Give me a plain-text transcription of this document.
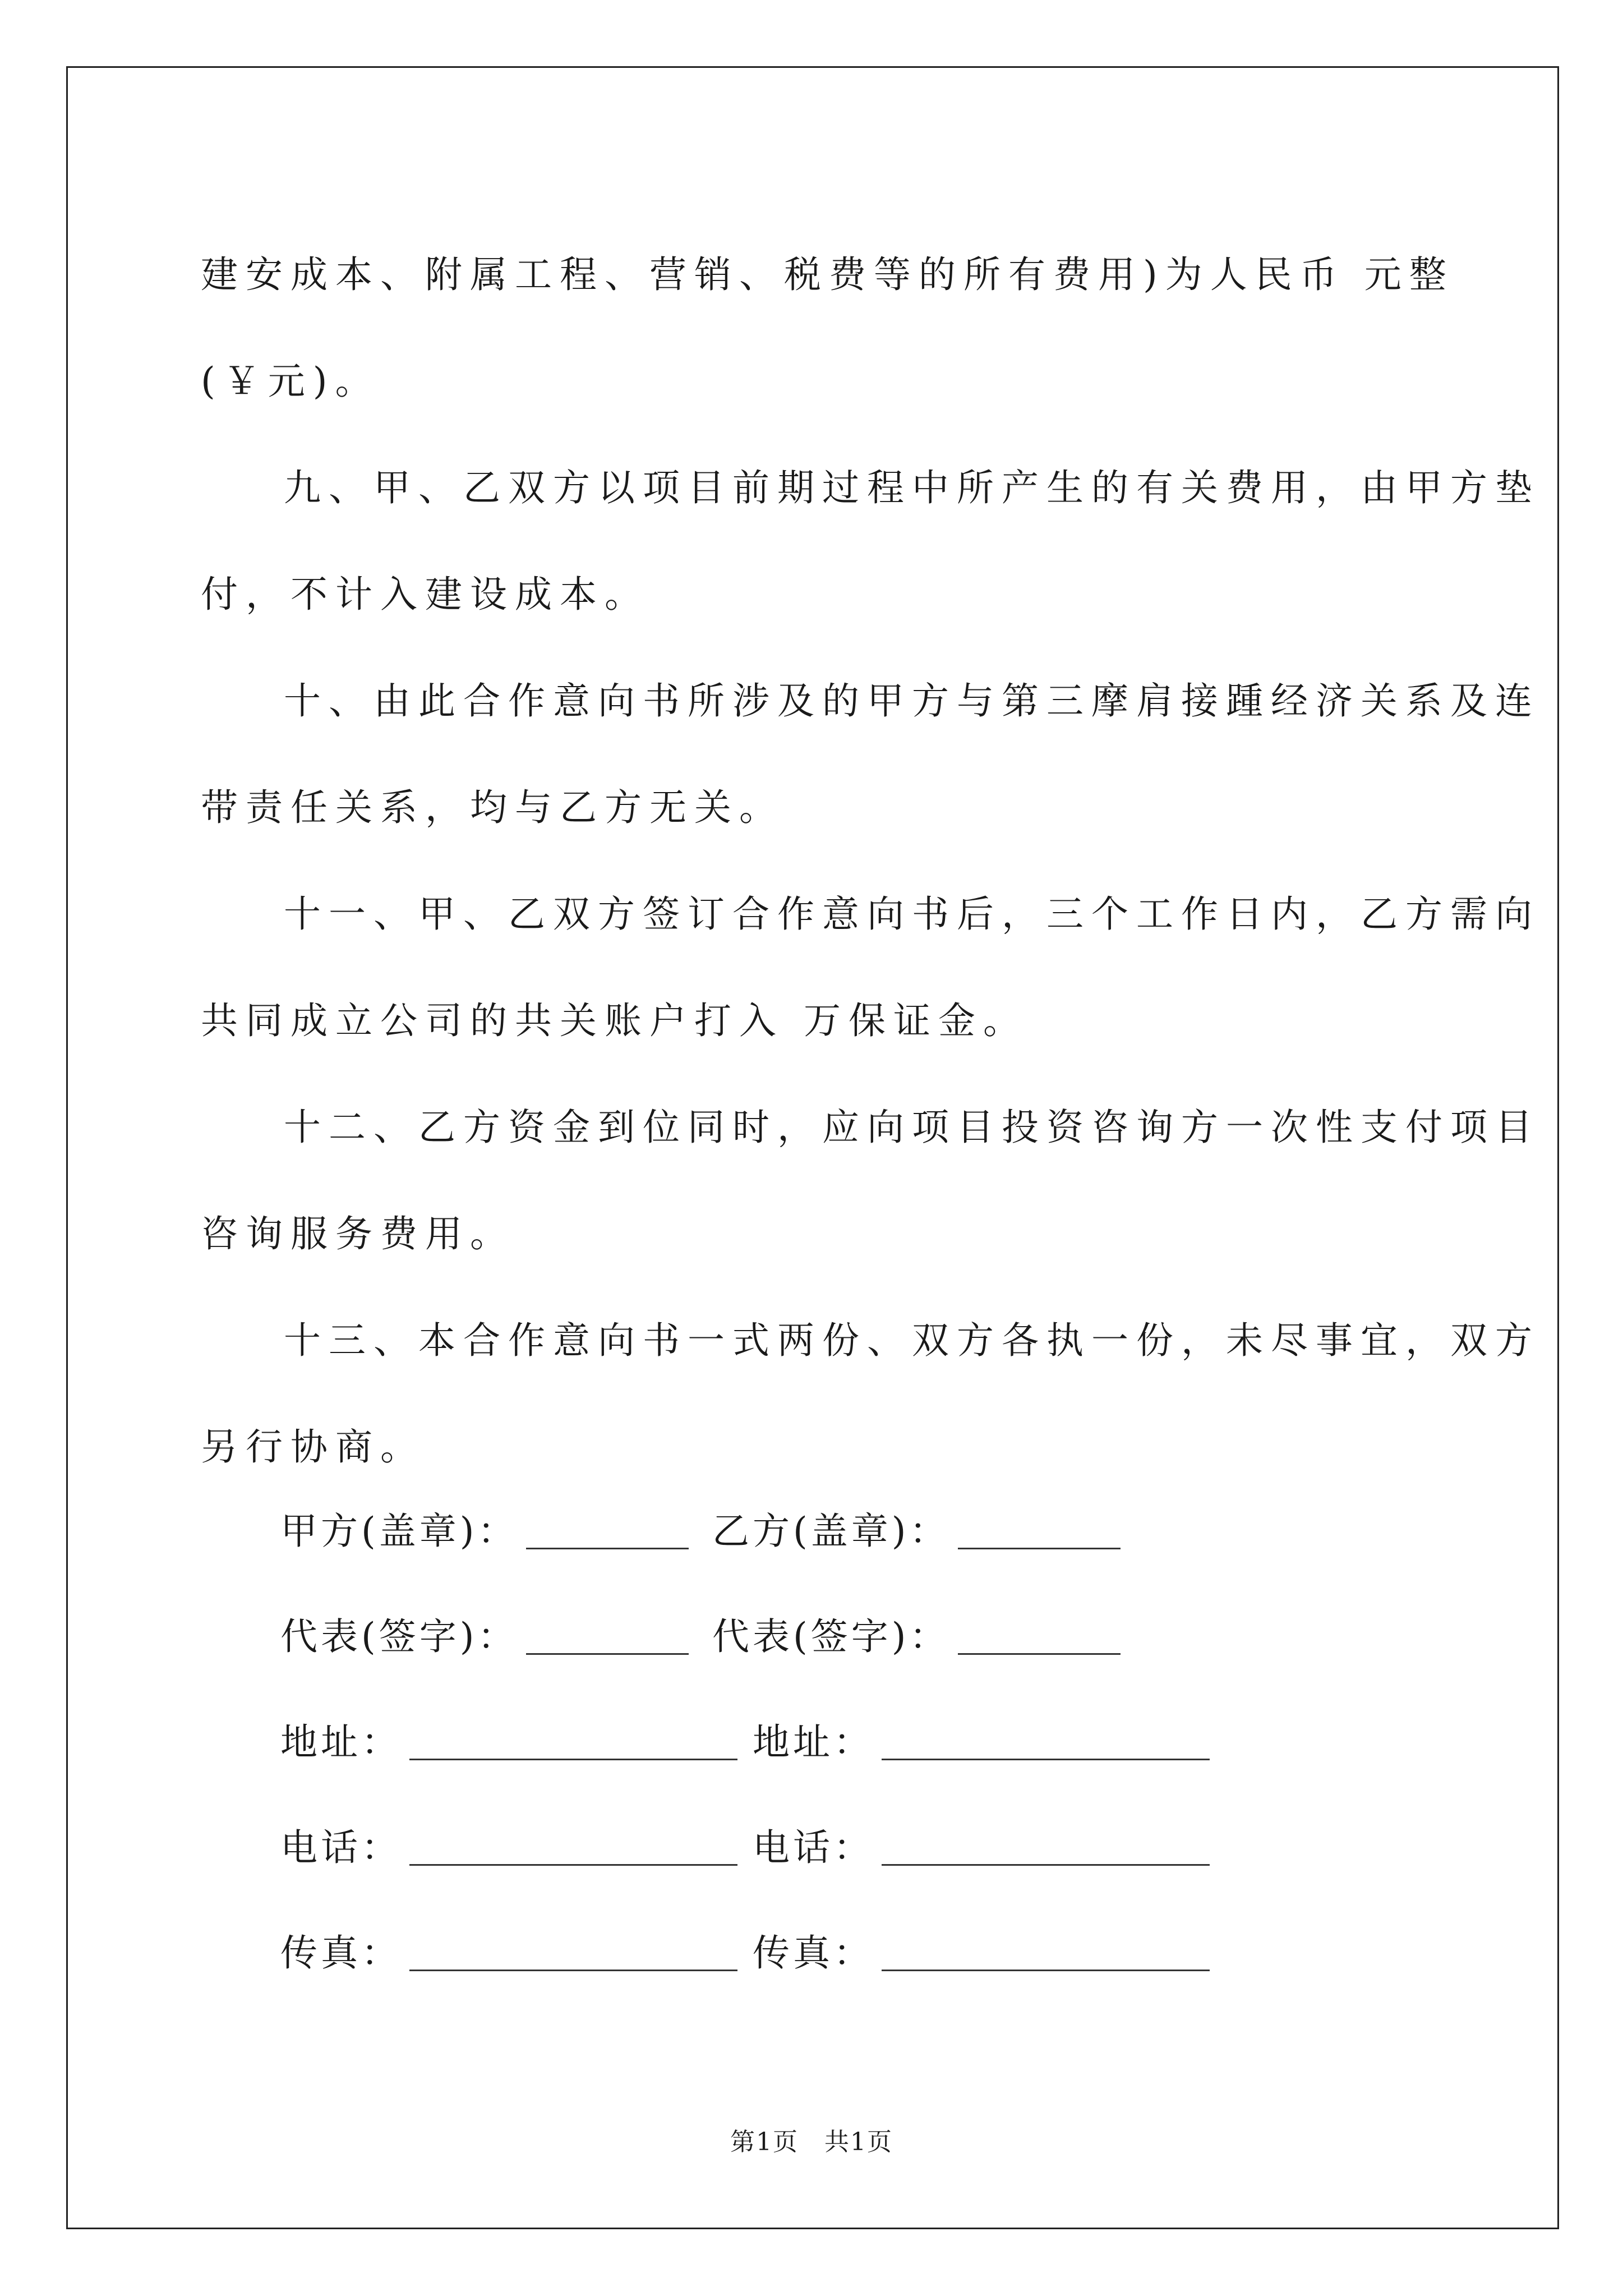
建安成本、附属工程、营销、税费等的所有费用)为人民币 元整

(￥元)。

九、甲、乙双方以项目前期过程中所产生的有关费用，由甲方垫

付，不计入建设成本。

十、由此合作意向书所涉及的甲方与第三摩肩接踵经济关系及连

带责任关系，均与乙方无关。

十一、甲、乙双方签订合作意向书后，三个工作日内，乙方需向

共同成立公司的共关账户打入 万保证金。

十二、乙方资金到位同时，应向项目投资咨询方一次性支付项目

咨询服务费用。

十三、本合作意向书一式两份、双方各执一份，未尽事宜，双方

另行协商。

甲方(盖章)：	乙方(盖章)：
代表(签字)：	代表(签字)：
地址：	地址：
电话：	电话：
传真：	传真：
第1页　共1页
